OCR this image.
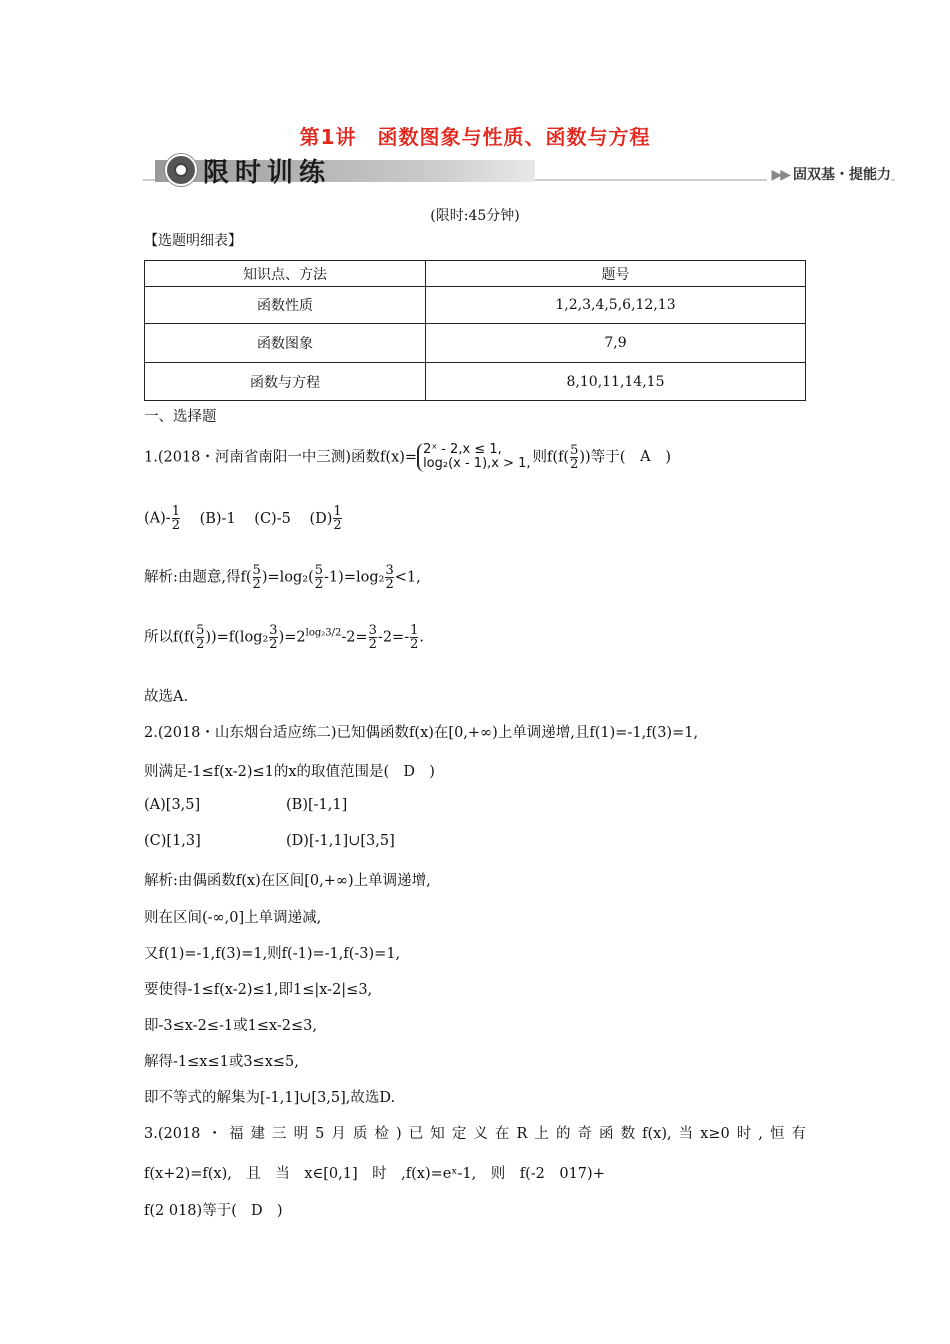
第1讲　函数图象与性质、函数与方程
限时训练	▶▶ 固双基・提能力
(限时:45分钟)
【选题明细表】
知识点、方法	题号
函数性质	1,2,3,4,5,6,12,13
函数图象	7,9
函数与方程	8,10,11,14,15
一、选择题
1.(2018・河南省南阳一中三测)函数f(x)= 2ˣ - 2,x ≤ 1,
log₂(x - 1),x > 1, 则$f(f( \frac{5}{2}$ ))等于( A )
$(A)- \frac{1}{2} (B)-1$ (C)-5 $(D) \frac{1}{2}$
解析:由题意,得$f( \frac{5}{2} )=\log_2( \frac{5}{2} -1)=\log_2 \frac{3}{2} <1$,
所以$f(f( \frac{5}{2} ))=f(\log_2 \frac{3}{2} )=2^{log_23/2}-2= \frac{3}{2} -2=- \frac{1}{2}$ .
故选A.
2.(2018・山东烟台适应练二)已知偶函数f(x)在[0,+∞)上单调递增,且f(1)=-1,f(3)=1,
则满足-1≤f(x-2)≤1的x的取值范围是( D )
(A)[3,5]	(B)[-1,1]
(C)[1,3]	(D)[-1,1]∪[3,5]
解析:由偶函数f(x)在区间[0,+∞)上单调递增,
则在区间(-∞,0]上单调递减,
又f(1)=-1,f(3)=1,则f(-1)=-1,f(-3)=1,
要使得-1≤f(x-2)≤1,即1≤|x-2|≤3,
即-3≤x-2≤-1或1≤x-2≤3,
解得-1≤x≤1或3≤x≤5,
即不等式的解集为[-1,1]∪[3,5],故选D.
3.(2018・福建三明5月质检)已知定义在R上的奇函数f(x),当x≥0时,恒有
f(x+2)=f(x),　且　当　x∈[0,1]　时　,f(x)=eˣ-1,　则　f(-2　017)+
f(2 018)等于( D )
